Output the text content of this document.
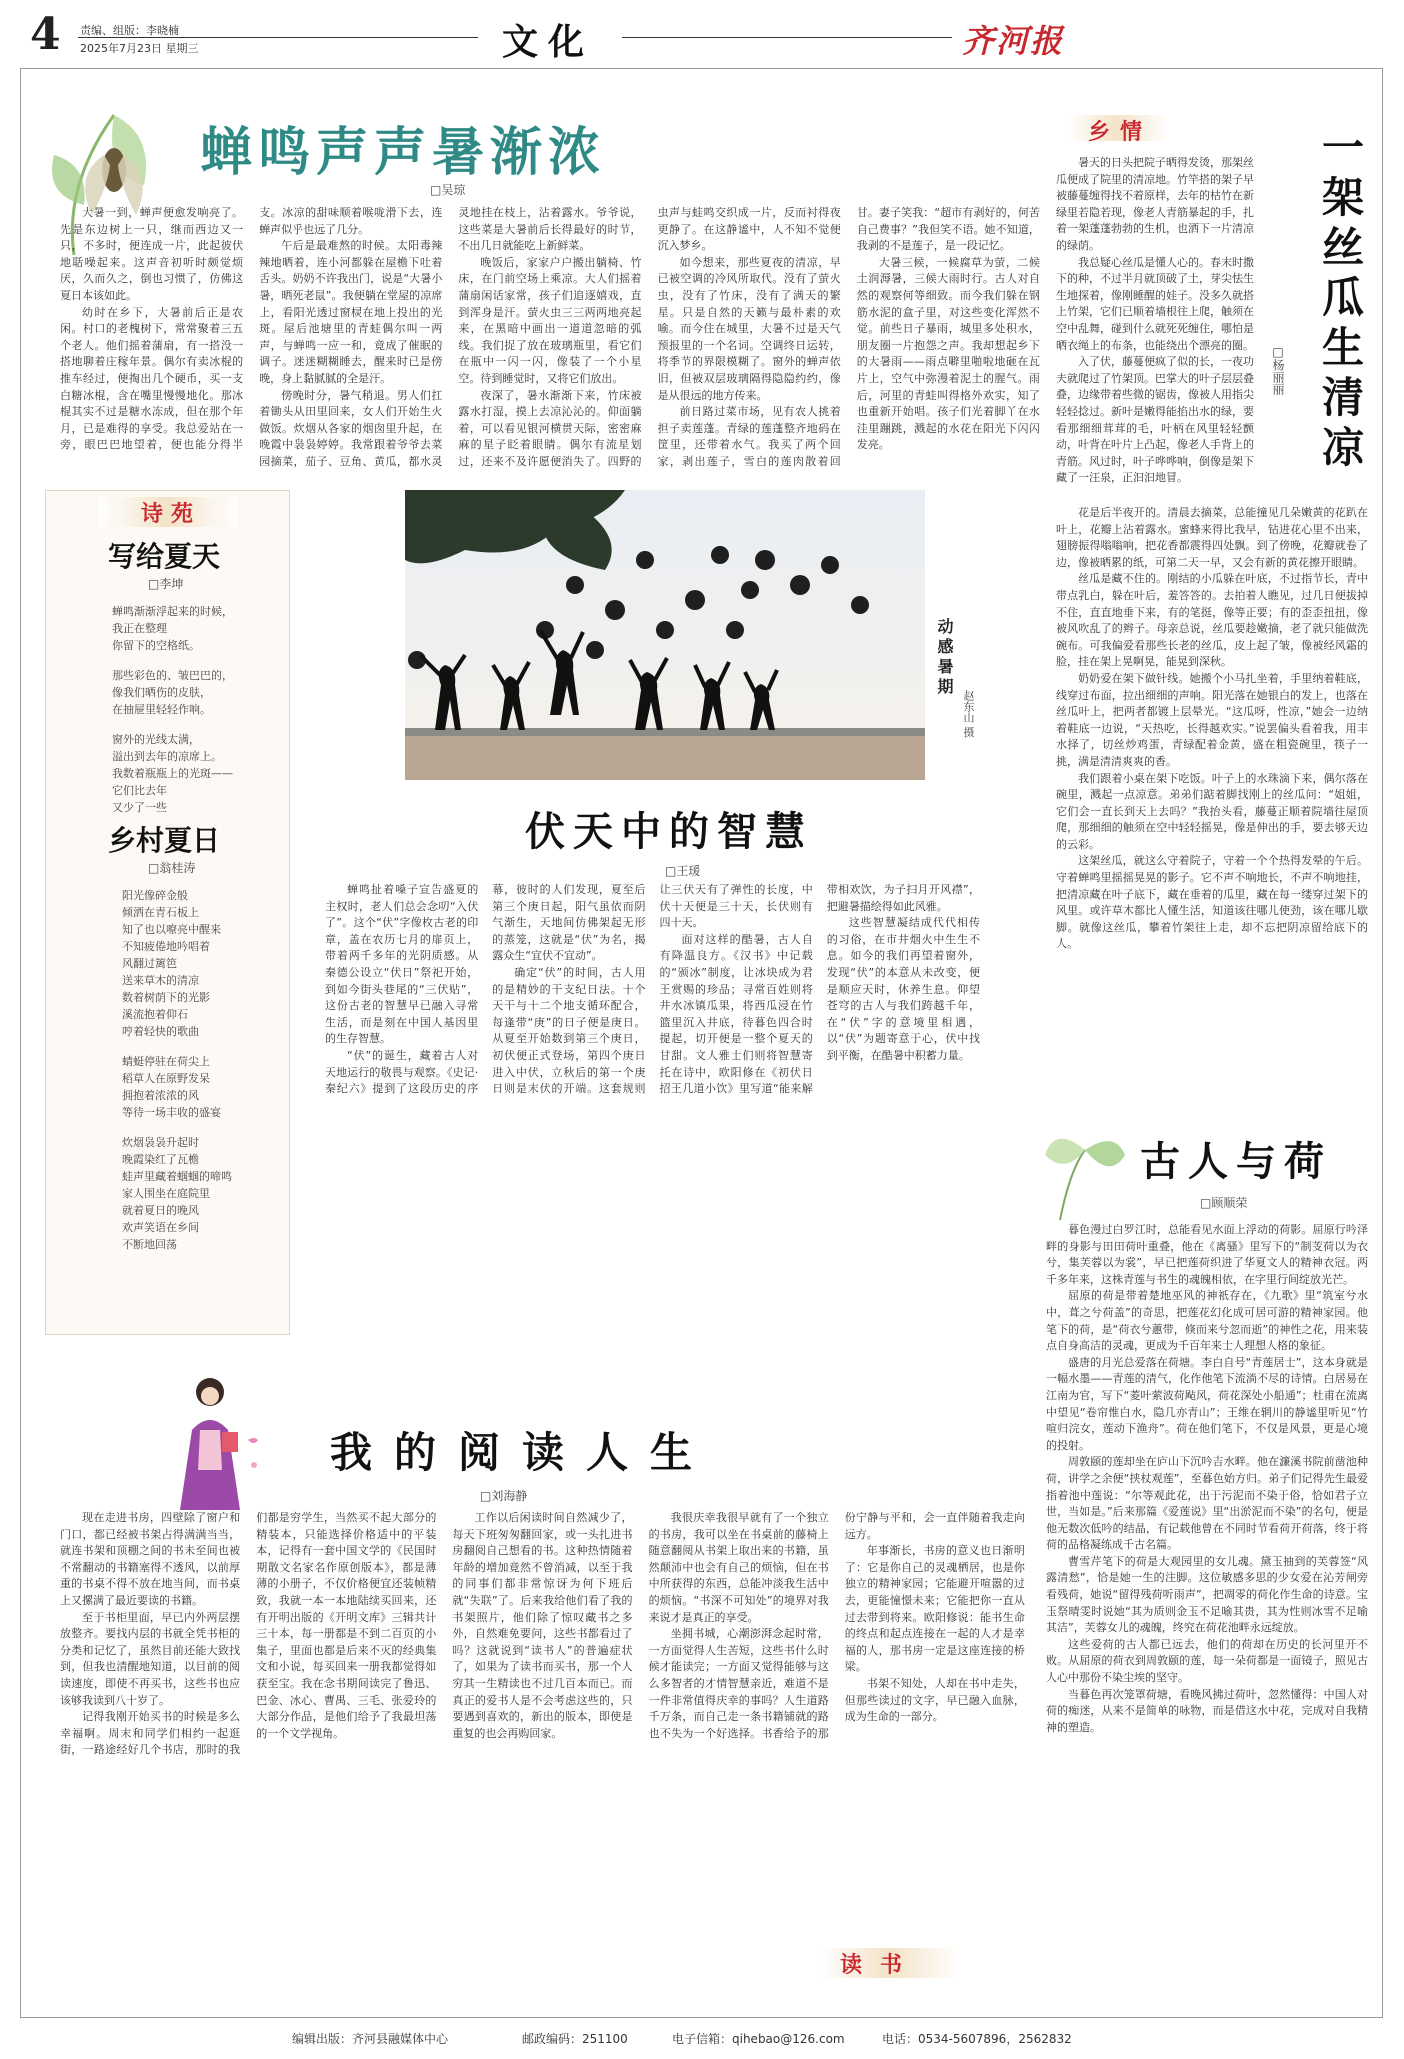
4 责编、组版：李晓楠
2025年7月23日 星期三	文化	齐河报
蝉鸣声声暑渐浓
□吴琼

大暑一到，蝉声便愈发响亮了。先是东边树上一只，继而西边又一只，不多时，便连成一片，此起彼伏地聒噪起来。这声音初听时颇觉烦厌，久而久之，倒也习惯了，仿佛这夏日本该如此。

幼时在乡下，大暑前后正是农闲。村口的老槐树下，常常聚着三五个老人。他们摇着蒲扇，有一搭没一搭地聊着庄稼年景。偶尔有卖冰棍的推车经过，便掏出几个硬币，买一支白糖冰棍，含在嘴里慢慢地化。那冰棍其实不过是糖水冻成，但在那个年月，已是难得的享受。我总爱站在一旁，眼巴巴地望着，便也能分得半支。冰凉的甜味顺着喉咙滑下去，连蝉声似乎也远了几分。

午后是最难熬的时候。太阳毒辣辣地晒着，连小河都躲在屋檐下吐着舌头。奶奶不许我出门，说是“大暑小暑，晒死老鼠”。我便躺在堂屋的凉席上，看阳光透过窗棂在地上投出的光斑。屋后池塘里的青蛙偶尔叫一两声，与蝉鸣一应一和，竟成了催眠的调子。迷迷糊糊睡去，醒来时已是傍晚，身上黏腻腻的全是汗。

傍晚时分，暑气稍退。男人们扛着锄头从田里回来，女人们开始生火做饭。炊烟从各家的烟囱里升起，在晚霞中袅袅婷婷。我常跟着爷爷去菜园摘菜，茄子、豆角、黄瓜，都水灵灵地挂在枝上，沾着露水。爷爷说，这些菜是大暑前后长得最好的时节，不出几日就能吃上新鲜菜。

晚饭后，家家户户搬出躺椅、竹床，在门前空场上乘凉。大人们摇着蒲扇闲话家常，孩子们追逐嬉戏，直到浑身是汗。萤火虫三三两两地亮起来，在黑暗中画出一道道忽暗的弧线。我们捉了放在玻璃瓶里，看它们在瓶中一闪一闪，像装了一个小星空。待到睡觉时，又将它们放出。

夜深了，暑水渐渐下来，竹床被露水打湿，摸上去凉沁沁的。仰面躺着，可以看见银河横贯天际，密密麻麻的星子眨着眼睛。偶尔有流星划过，还来不及许愿便消失了。四野的虫声与蛙鸣交织成一片，反而衬得夜更静了。在这静谧中，人不知不觉便沉入梦乡。

如今想来，那些夏夜的清凉，早已被空调的冷风所取代。没有了萤火虫，没有了竹床，没有了满天的繁星。只是自然的天籁与最朴素的欢喻。而今住在城里，大暑不过是天气预报里的一个名词。空调终日运转，将季节的界限模糊了。窗外的蝉声依旧，但被双层玻璃隔得隐隐约约，像是从很远的地方传来。

前日路过菜市场，见有农人挑着担子卖莲蓬。青绿的莲蓬整齐地码在筐里，还带着水气。我买了两个回家，剥出莲子，雪白的莲肉散着回甘。妻子笑我：“超市有剥好的，何苦自己费事？”我但笑不语。她不知道，我剥的不是莲子，是一段记忆。

大暑三候，一候腐草为萤，二候土润溽暑，三候大雨时行。古人对自然的观察何等细致。而今我们躲在钢筋水泥的盒子里，对这些变化浑然不觉。前些日子暴雨，城里多处积水，朋友圈一片抱怨之声。我却想起乡下的大暑雨——雨点噼里啪啦地砸在瓦片上，空气中弥漫着泥土的腥气。雨后，河里的青蛙叫得格外欢实，知了也重新开始唱。孩子们光着脚丫在水洼里蹦跳，溅起的水花在阳光下闪闪发亮。

乡情	一架丝瓜生清凉
□杨丽丽

暑天的日头把院子晒得发烫，那架丝瓜便成了院里的清凉地。竹竿搭的架子早被藤蔓缠得找不着原样，去年的枯竹在新绿里若隐若现，像老人青筋暴起的手，扎着一架蓬蓬勃勃的生机，也洒下一片清凉的绿荫。

我总疑心丝瓜是懂人心的。春末时撒下的种，不过半月就顶破了土，芽尖怯生生地探着，像刚睡醒的娃子。没多久就搭上竹架，它们已顺着墙根往上爬，触须在空中乱舞，碰到什么就死死缠住，哪怕是晒衣绳上的布条，也能绕出个漂亮的圈。

入了伏，藤蔓便疯了似的长，一夜功夫就爬过了竹架顶。巴掌大的叶子层层叠叠，边缘带着些微的锯齿，像被人用指尖轻轻捻过。新叶是嫩得能掐出水的绿，要看那细细茸茸的毛，叶柄在风里轻轻颤动，叶背在叶片上凸起，像老人手背上的青筋。风过时，叶子哗哗响，倒像是架下藏了一汪泉，正汩汩地冒。

花是后半夜开的。清晨去摘菜，总能撞见几朵嫩黄的花趴在叶上，花瓣上沾着露水。蜜蜂来得比我早，钻进花心里不出来，翅膀振得嗡嗡响，把花香都震得四处飘。到了傍晚，花瓣就卷了边，像被晒累的纸，可第二天一早，又会有新的黄花擦开眼睛。

丝瓜是藏不住的。刚结的小瓜躲在叶底，不过指节长，青中带点乳白，躲在叶后，羞答答的。去拍着人瞧见，过几日便拔掉不住，直直地垂下来，有的笔挺，像等正要；有的歪歪扭扭，像被风吹乱了的辫子。母亲总说，丝瓜要趁嫩摘，老了就只能做洗碗布。可我偏爱看那些长老的丝瓜，皮上起了皱，像被经风霜的脸，挂在架上晃啊晃，能晃到深秋。

奶奶爱在架下做针线。她搬个小马扎坐着，手里纳着鞋底，线穿过布面，拉出细细的声响。阳光落在她银白的发上，也落在丝瓜叶上，把两者都镀上层晕光。“这瓜呀，性凉，”她会一边纳着鞋底一边说，“天热吃，长得越欢实。”说罢偏头看着我，用丰水择了，切丝炒鸡蛋，青绿配着金黄，盛在粗瓷碗里，筷子一挑，满是清清爽爽的香。

我们跟着小桌在架下吃饭。叶子上的水珠滴下来，偶尔落在碗里，溅起一点凉意。弟弟们踮着脚找刚上的丝瓜问：“姐姐，它们会一直长到天上去吗？”我抬头看，藤蔓正顺着院墙往屋顶爬，那细细的触须在空中轻轻摇晃，像是伸出的手，要去够天边的云彩。

这架丝瓜，就这么守着院子，守着一个个热得发晕的午后。守着蝉鸣里摇摇晃晃的影子。它不声不响地长，不声不响地挂，把清凉藏在叶子底下，藏在垂着的瓜里，藏在每一缕穿过架下的风里。或许草木都比人懂生活，知道该往哪儿使劲，该在哪儿歇脚。就像这丝瓜，攀着竹架往上走，却不忘把阴凉留给底下的人。

诗苑
写给夏天
□李坤
蝉鸣渐渐浮起来的时候，
我正在整理
你留下的空格纸。
那些彩色的、皱巴巴的，
像我们晒伤的皮肤，
在抽屉里轻轻作响。
窗外的光线太满，
溢出到去年的凉席上。
我数着瓶瓶上的光斑——
它们比去年
又少了一些
乡村夏日
□翁桂涛
阳光像碎金般
倾洒在青石板上
知了也以嘹亮中醒来
不知疲倦地吟唱着
风翻过篱笆
送来草木的清凉
数着树荫下的光影
溪流抱着仰石
哼着轻快的歌曲
蜻蜓停驻在荷尖上
稻草人在原野发呆
拥抱着浓浓的风
等待一场丰收的盛宴
炊烟袅袅升起时
晚霞染红了瓦檐
蛙声里藏着蝈蝈的啼鸣
家人围坐在庭院里
就着夏日的晚风
欢声笑语在乡间
不断地回荡
动感暑期
赵东山 摄
伏天中的智慧
□王瑗

蝉鸣扯着嗓子宣告盛夏的主权时，老人们总会念叨“入伏了”。这个“伏”字像枚古老的印章，盖在农历七月的扉页上，带着两千多年的光阴质感。从秦德公设立“伏日”祭祀开始，到如今街头巷尾的“三伏贴”，这份古老的智慧早已融入寻常生活，而是刻在中国人基因里的生存智慧。

“伏”的诞生，藏着古人对天地运行的敬畏与观察。《史记·秦纪六》提到了这段历史的序幕，彼时的人们发现，夏至后第三个庚日起，阳气虽依而阴气渐生，天地间仿佛架起无形的蒸笼，这就是“伏”为名，揭露众生“宜伏不宜动”。

确定“伏”的时间，古人用的是精妙的干支纪日法。十个天干与十二个地支循环配合，每逢带“庚”的日子便是庚日。从夏至开始数到第三个庚日，初伏便正式登场，第四个庚日进入中伏，立秋后的第一个庚日则是末伏的开端。这套规则让三伏天有了弹性的长度，中伏十天便是三十天，长伏则有四十天。

面对这样的酷暑，古人自有降温良方。《汉书》中记载的“颁冰”制度，让冰块成为君王赏赐的珍品；寻常百姓则将井水冰镇瓜果，将西瓜浸在竹篮里沉入井底，待暮色四合时提起，切开便是一整个夏天的甘甜。文人雅士们则将智慧寄托在诗中，欧阳修在《初伏日招王几道小饮》里写道“能来解带相欢饮，为子扫月开风襟”，把避暑描绘得如此风雅。

这些智慧凝结成代代相传的习俗，在市井烟火中生生不息。如今的我们再望着窗外，发现“伏”的本意从未改变，便是顺应天时，休养生息。仰望苍穹的古人与我们跨越千年，在“伏”字的意境里相遇，以“伏”为题寄意于心，伏中找到平衡，在酷暑中积蓄力量。

古人与荷
□顾顺荣

暮色漫过白罗江时，总能看见水面上浮动的荷影。屈原行吟泽畔的身影与田田荷叶重叠，他在《离骚》里写下的“制芰荷以为衣兮，集芙蓉以为裳”，早已把莲荷织进了华夏文人的精神衣冠。两千多年来，这株青莲与书生的魂魄相依，在字里行间绽放光芒。

屈原的荷是带着楚地巫风的神祇存在，《九歌》里“筑室兮水中，葺之兮荷盖”的奇思，把莲花幻化成可居可游的精神家园。他笔下的荷，是“荷衣兮蕙带，倏而来兮忽而逝”的神性之花，用来装点自身高洁的灵魂，更成为千百年来士人理想人格的象征。

盛唐的月光总爱落在荷塘。李白自号“青莲居士”，这本身就是一幅水墨——青莲的清气，化作他笔下流淌不尽的诗情。白居易在江南为官，写下“菱叶萦波荷飐风，荷花深处小船通”；杜甫在流离中望见“卷帘惟白水，隐几亦青山”；王维在辋川的静谧里听见“竹喧归浣女，莲动下渔舟”。荷在他们笔下，不仅是风景，更是心境的投射。

周敦颐的莲却坐在庐山下沉吟吉水畔。他在濂溪书院前凿池种荷，讲学之余便“挟杖观莲”，至暮色始方归。弟子们记得先生最爱指着池中莲说：“尔等观此花，出于污泥而不染于俗，恰如君子立世，当如是。”后来那篇《爱莲说》里“出淤泥而不染”的名句，便是他无数次低吟的结晶，有记载他曾在不同时节看荷开荷落，终于将荷的品格凝练成千古名篇。

曹雪芹笔下的荷是大观园里的女儿魂。黛玉抽到的芙蓉签“风露清愁”，恰是她一生的注脚。这位敏感多思的少女爱在沁芳闸旁看残荷，她说“留得残荷听雨声”，把凋零的荷化作生命的诗意。宝玉祭晴雯时说她“其为质则金玉不足喻其贵，其为性则冰雪不足喻其洁”，芙蓉女儿的魂魄，终究在荷花池畔永远绽放。

这些爱荷的古人都已远去，他们的荷却在历史的长河里开不败。从屈原的荷衣到周敦颐的莲，每一朵荷都是一面镜子，照见古人心中那份不染尘埃的坚守。

当暮色再次笼罩荷塘，看晚风拂过荷叶，忽然懂得：中国人对荷的痴迷，从来不是简单的咏物，而是借这水中花，完成对自我精神的塑造。

我的阅读人生
□刘海静

现在走进书房，四壁除了窗户和门口，都已经被书架占得满满当当，就连书架和顶棚之间的书未至间也被不常翻动的书籍塞得不透风，以前厚重的书桌不得不放在地当间，而书桌上又摞满了最近要读的书籍。

至于书柜里面，早已内外两层摆放整齐。要找内层的书就全凭书柜的分类和记忆了，虽然目前还能大致找到，但我也清醒地知道，以目前的阅读速度，即使不再买书，这些书也应该够我读到八十岁了。

记得我刚开始买书的时候是多么幸福啊。周末和同学们相约一起逛街，一路途经好几个书店，那时的我们都是穷学生，当然买不起大部分的精装本，只能选择价格适中的平装本，记得有一套中国文学的《民国时期散文名家名作原创版本》，都是薄薄的小册子，不仅价格便宜还装帧精致，我就一本一本地陆续买回来，还有开明出版的《开明文库》三辑共计三十本，每一册都是不到二百页的小集子，里面也都是后来不灭的经典集文和小说，每买回来一册我都觉得如获至宝。我在念书期间读完了鲁迅、巴金、冰心、曹禺、三毛、张爱玲的大部分作品，是他们给予了我最坦荡的一个文学视角。

工作以后闲读时间自然减少了，每天下班匆匆翻回家，或一头扎进书房翻阅自己想看的书。这种热情随着年龄的增加竟然不曾消减，以至于我的同事们都非常惊讶为何下班后就“失联”了。后来我给他们看了我的书架照片，他们除了惊叹藏书之多外，自然难免要问，这些书都看过了吗？这就说到“读书人”的普遍症状了，如果为了读书而买书，那一个人穷其一生精读也不过几百本而已。而真正的爱书人是不会考虑这些的，只要遇到喜欢的，新出的版本，即使是重复的也会再购回家。

我很庆幸我很早就有了一个独立的书房，我可以坐在书桌前的藤椅上随意翻阅从书架上取出来的书籍，虽然颠沛中也会有自己的烦恼，但在书中所获得的东西，总能冲淡我生活中的烦恼。“书深不可知处”的境界对我来说才是真正的享受。

坐拥书城，心潮澎湃念起时常，一方面觉得人生苦短，这些书什么时候才能读完；一方面又觉得能够与这么多智者的才情智慧亲近，难道不是一件非常值得庆幸的事吗？人生道路千万条，而自己走一条书籍铺就的路也不失为一个好选择。书香给予的那份宁静与平和，会一直伴随着我走向远方。

年事渐长，书房的意义也日渐明了：它是你自己的灵魂栖居，也是你独立的精神家园；它能避开喧嚣的过去，更能憧憬未来；它能把你一直从过去带到将来。欧阳修说：能书生命的终点和起点连接在一起的人才是幸福的人，那书房一定是这座连接的桥梁。

书架不知处，人却在书中走失，但那些读过的文字，早已融入血脉，成为生命的一部分。

读书
编辑出版：齐河县融媒体中心	邮政编码：251100	电子信箱：qihebao@126.com	电话：0534-5607896，2562832
